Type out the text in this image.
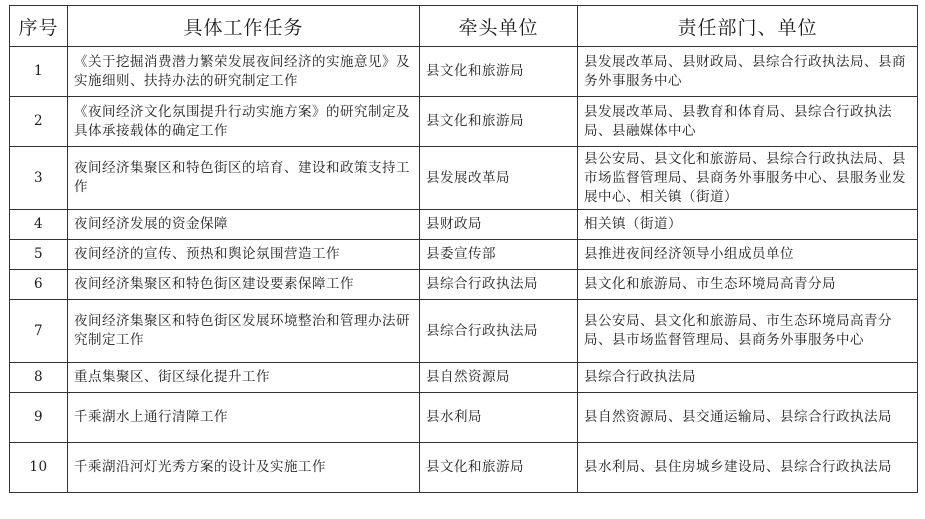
序号	具体工作任务	牵头单位	责任部门、单位
1	《关于挖掘消费潜力繁荣发展夜间经济的实施意见》及实施细则、扶持办法的研究制定工作	县文化和旅游局	县发展改革局、县财政局、县综合行政执法局、县商务外事服务中心
2	《夜间经济文化氛围提升行动实施方案》的研究制定及具体承接载体的确定工作	县文化和旅游局	县发展改革局、县教育和体育局、县综合行政执法局、县融媒体中心
3	夜间经济集聚区和特色街区的培育、建设和政策支持工作	县发展改革局	县公安局、县文化和旅游局、县综合行政执法局、县市场监督管理局、县商务外事服务中心、县服务业发展中心、相关镇（街道）
4	夜间经济发展的资金保障	县财政局	相关镇（街道）
5	夜间经济的宣传、预热和舆论氛围营造工作	县委宣传部	县推进夜间经济领导小组成员单位
6	夜间经济集聚区和特色街区建设要素保障工作	县综合行政执法局	县文化和旅游局、市生态环境局高青分局
7	夜间经济集聚区和特色街区发展环境整治和管理办法研究制定工作	县综合行政执法局	县公安局、县文化和旅游局、市生态环境局高青分局、县市场监督管理局、县商务外事服务中心
8	重点集聚区、街区绿化提升工作	县自然资源局	县综合行政执法局
9	千乘湖水上通行清障工作	县水利局	县自然资源局、县交通运输局、县综合行政执法局
10	千乘湖沿河灯光秀方案的设计及实施工作	县文化和旅游局	县水利局、县住房城乡建设局、县综合行政执法局
